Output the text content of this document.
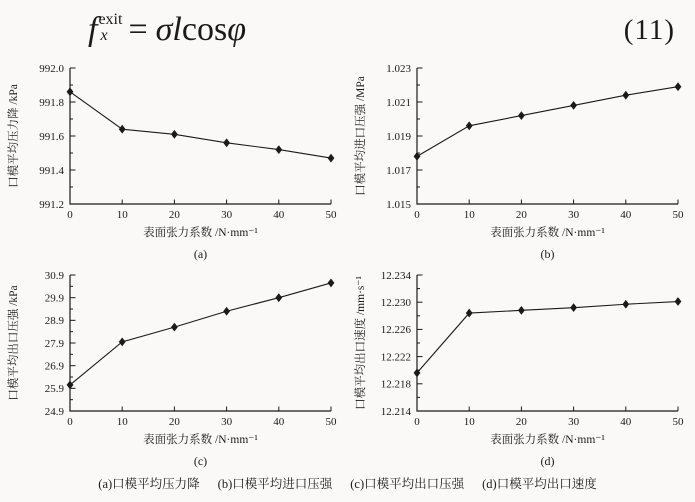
f exit
x = σl cos φ	(11)
991.2
991.4
991.6
991.8
992.0
0	10	20	30	40	50
口模平均压力降 /kPa
表面张力系数 /N·mm⁻¹
(a)
1.015
1.017
1.019
1.021
1.023
0	10	20	30	40	50
口模平均进口压强 /MPa
表面张力系数 /N·mm⁻¹
(b)
24.9
25.9
26.9
27.9
28.9
29.9
30.9
0	10	20	30	40	50
口模平均出口压强 /kPa
表面张力系数 /N·mm⁻¹
(c)
12.214
12.218
12.222
12.226
12.230
12.234
0	10	20	30	40	50
口模平均出口速度 /mm·s⁻¹
表面张力系数 /N·mm⁻¹
(d)
(a)口模平均压力降 (b)口模平均进口压强 (c)口模平均出口压强 (d)口模平均出口速度
